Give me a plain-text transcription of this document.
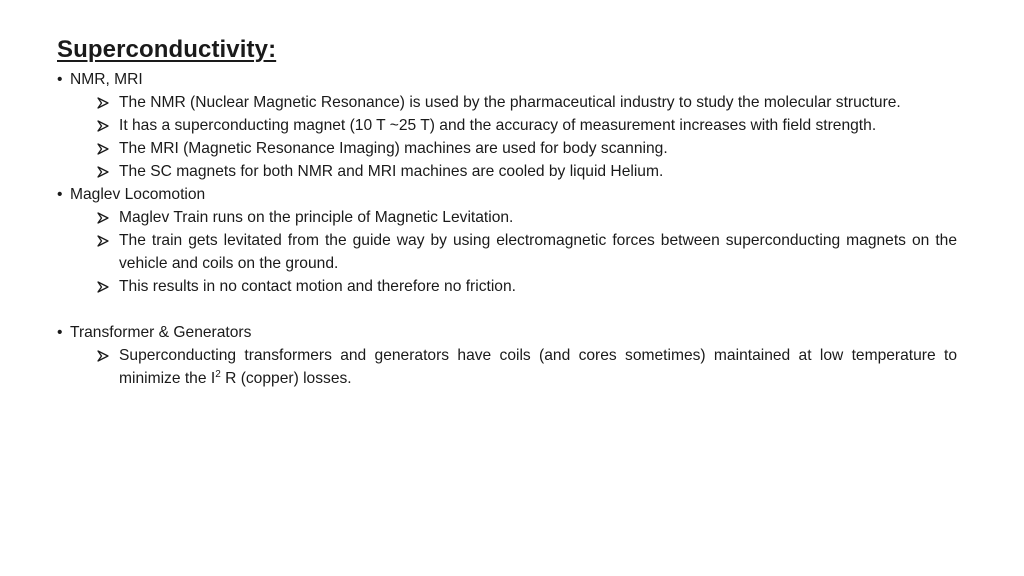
Superconductivity:
• NMR, MRI
The NMR (Nuclear Magnetic Resonance) is used by the pharmaceutical industry to study the molecular structure.
It has a superconducting magnet (10 T ~25 T) and the accuracy of measurement increases with field strength.
The MRI (Magnetic Resonance Imaging) machines are used for body scanning.
The SC magnets for both NMR and MRI machines are cooled by liquid Helium.
• Maglev Locomotion
Maglev Train runs on the principle of Magnetic Levitation.
The train gets levitated from the guide way by using electromagnetic forces between superconducting magnets on the vehicle and coils on the ground.
This results in no contact motion and therefore no friction.
• Transformer & Generators
Superconducting transformers and generators have coils (and cores sometimes) maintained at low temperature to minimize the $I^2$ R (copper) losses.
